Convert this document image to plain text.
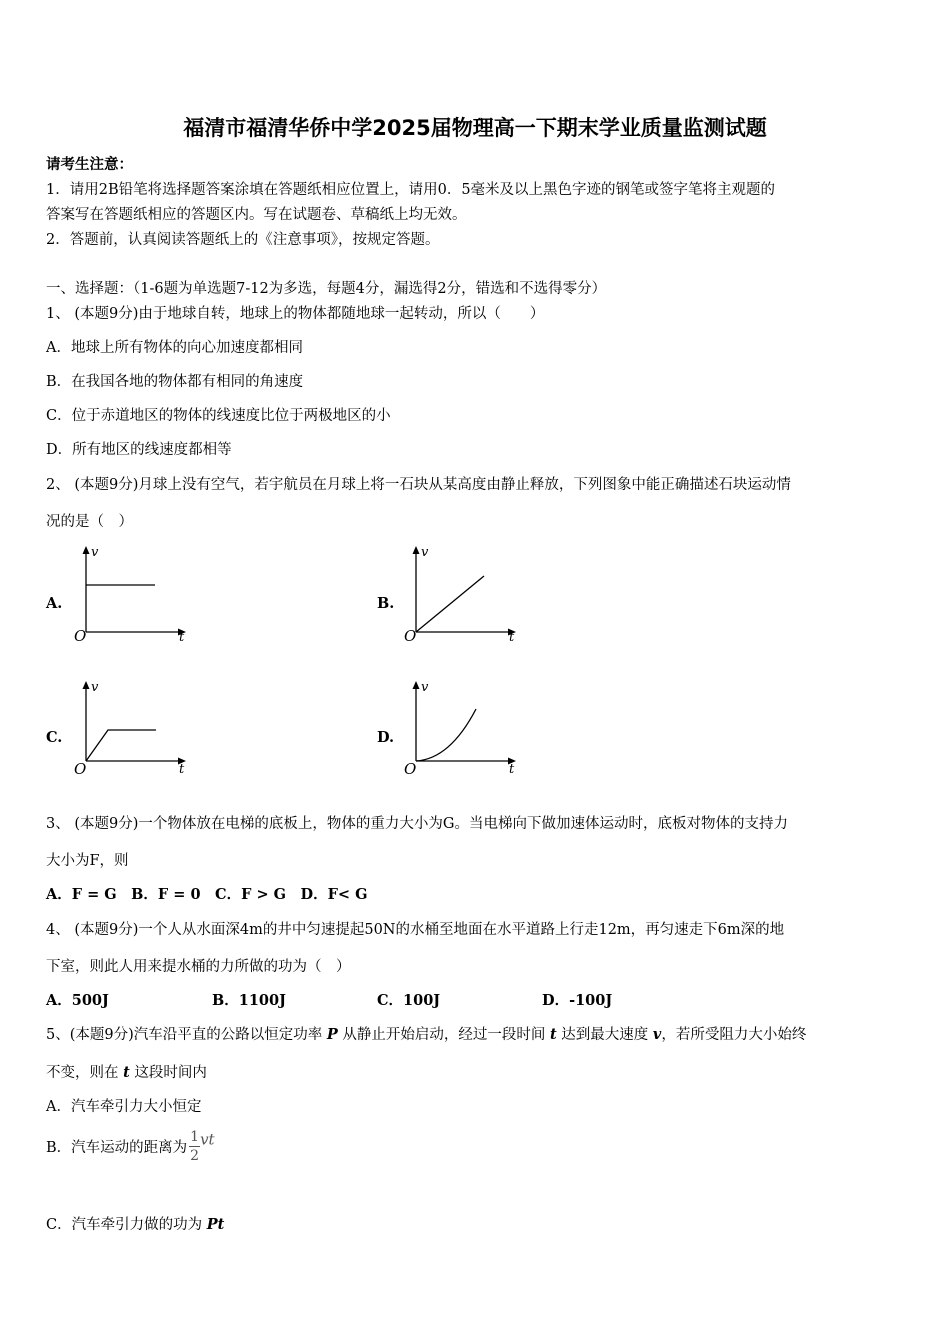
福清市福清华侨中学2025届物理高一下期末学业质量监测试题
请考生注意：
1．请用2B铅笔将选择题答案涂填在答题纸相应位置上，请用0．5毫米及以上黑色字迹的钢笔或签字笔将主观题的
答案写在答题纸相应的答题区内。写在试题卷、草稿纸上均无效。
2．答题前，认真阅读答题纸上的《注意事项》，按规定答题。
一、选择题：（1-6题为单选题7-12为多选，每题4分，漏选得2分，错选和不选得零分）
1、 (本题9分)由于地球自转，地球上的物体都随地球一起转动，所以（　　）
A．地球上所有物体的向心加速度都相同
B．在我国各地的物体都有相同的角速度
C．位于赤道地区的物体的线速度比位于两极地区的小
D．所有地区的线速度都相等
2、 (本题9分)月球上没有空气，若宇航员在月球上将一石块从某高度由静止释放，下列图象中能正确描述石块运动情
况的是（　）
A.	B.
C.	D.
v
t
O
v
t
O
v
t
O
v
t
O
3、 (本题9分)一个物体放在电梯的底板上，物体的重力大小为G。当电梯向下做加速体运动时，底板对物体的支持力
大小为F，则
A．F = G　B．F = 0　C．F > G　D．F< G
4、 (本题9分)一个人从水面深4m的井中匀速提起50N的水桶至地面在水平道路上行走12m，再匀速走下6m深的地
下室，则此人用来提水桶的力所做的功为（　）
A．500J	B．1100J	C．100J	D．-100J
5、(本题9分)汽车沿平直的公路以恒定功率 P 从静止开始启动，经过一段时间 t 达到最大速度 v，若所受阻力大小始终
不变，则在 t 这段时间内
A．汽车牵引力大小恒定
B．汽车运动的距离为 $\frac{1}{2}$ vt
C．汽车牵引力做的功为 Pt
